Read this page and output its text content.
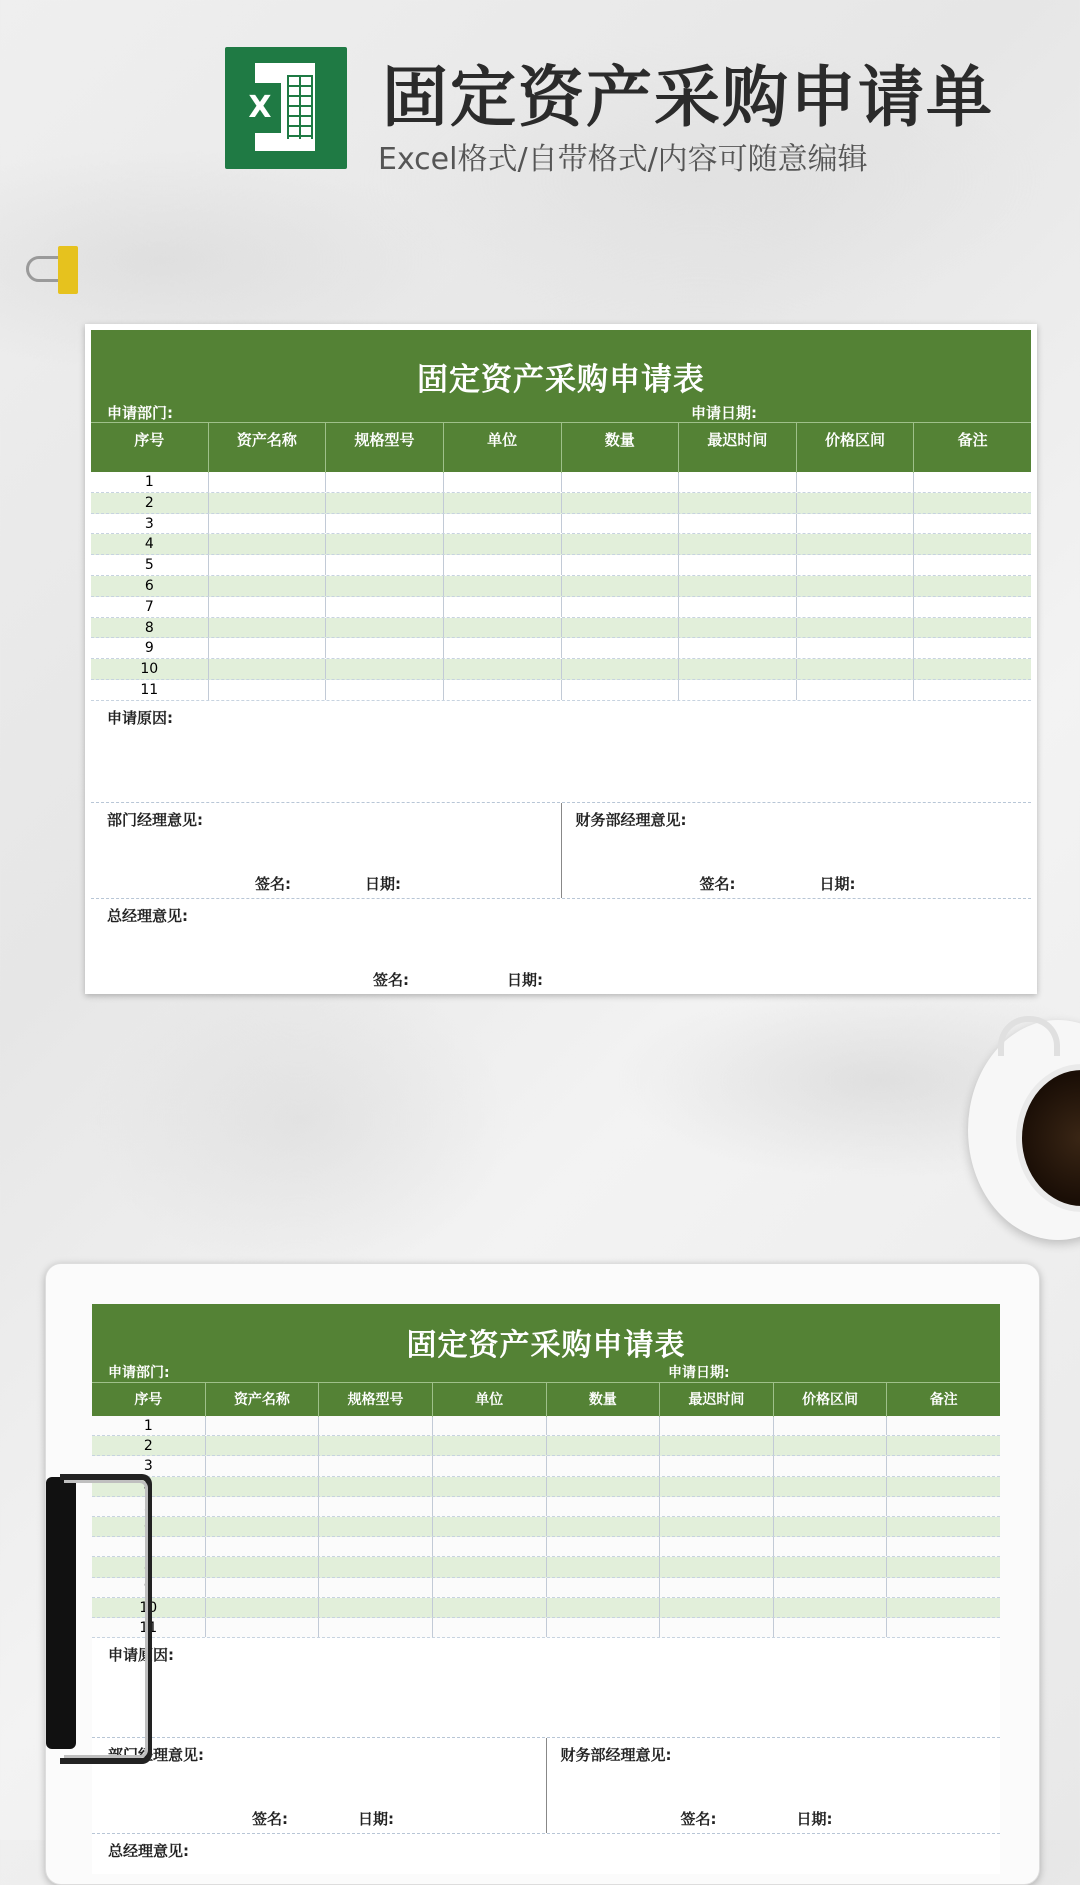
X 固定资产采购申请单
Excel格式/自带格式/内容可随意编辑
固定资产采购申请表
申请部门:	申请日期:
序号	资产名称	规格型号	单位	数量	最迟时间	价格区间	备注
1
2
3
4
5
6
7
8
9
10
11
申请原因:
部门经理意见:
签名:	日期:
财务部经理意见:
签名:	日期:
总经理意见:
签名:	日期:
固定资产采购申请表
申请部门:	申请日期:
序号	资产名称	规格型号	单位	数量	最迟时间	价格区间	备注
1
2
3
4
5
6
7
8
9
10
11
申请原因:
部门经理意见:
签名:	日期:
财务部经理意见:
签名:	日期:
总经理意见:
